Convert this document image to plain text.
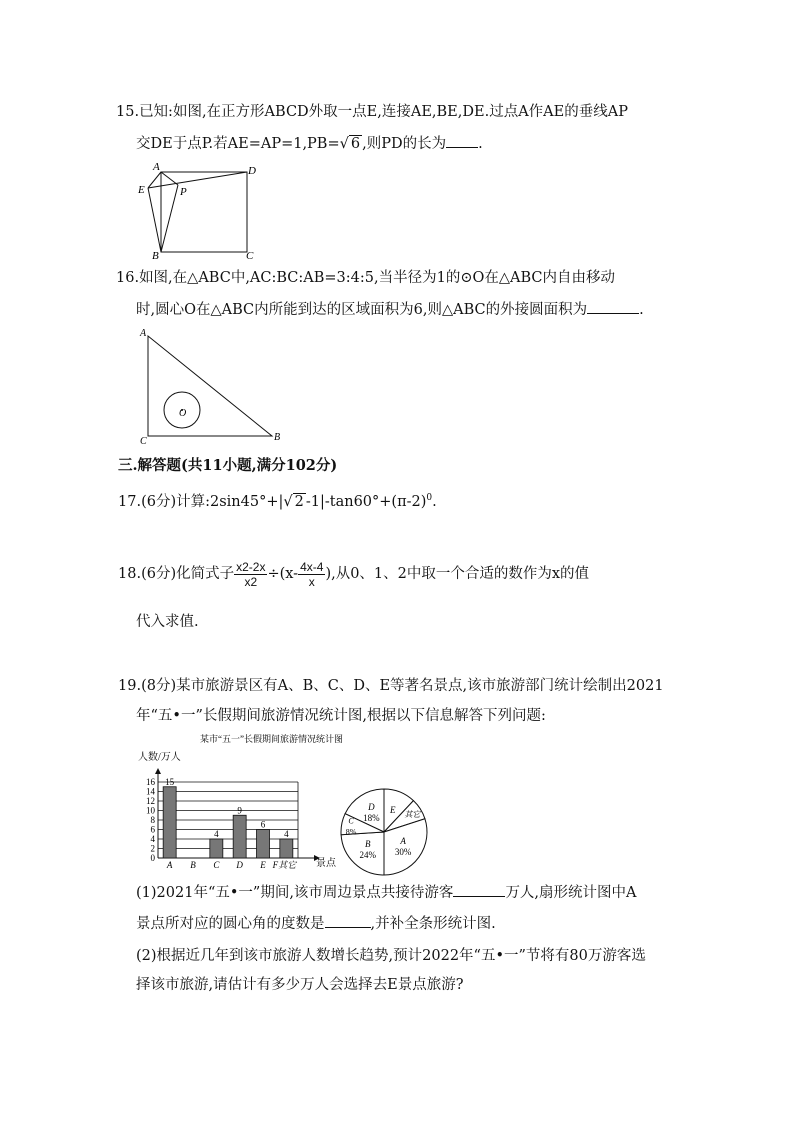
15.已知:如图,在正方形ABCD外取一点E,连接AE,BE,DE.过点A作AE的垂线AP
交DE于点P.若AE=AP=1,PB=√ 6 ,则PD的长为 .
A	D
E	P
B	C
16.如图,在△ABC中,AC:BC:AB=3:4:5,当半径为1的⊙O在△ABC内自由移动
时,圆心O在△ABC内所能到达的区域面积为6,则△ABC的外接圆面积为	.
A
B
C
O
三.解答题(共11小题,满分102分)
17.(6分)计算:2sin45°+|√ 2 $-1|-\tan 60^\circ+(\pi-2)^0$.
18.(6分)化简式子 $\frac{x2-2x}{x2} \div(x- \frac{4x-4}{x}$ ),从0、1、2中取一个合适的数作为x的值
代入求值.
19.(8分)某市旅游景区有A、B、C、D、E等著名景点,该市旅游部门统计绘制出2021
年“五•一”长假期间旅游情况统计图,根据以下信息解答下列问题:
某市“五一”长假期间旅游情况统计图
人数/万人
0
2
4
6
8
10
12
14
16 15
A B
4
C
9
D
6
E
4
F其它 景点
D
18%
E 其它
A
30%
B
24%
C
8%
(1)2021年“五•一”期间,该市周边景点共接待游客	万人,扇形统计图中A
景点所对应的圆心角的度数是	,并补全条形统计图.
(2)根据近几年到该市旅游人数增长趋势,预计2022年“五•一”节将有80万游客选
择该市旅游,请估计有多少万人会选择去E景点旅游?
